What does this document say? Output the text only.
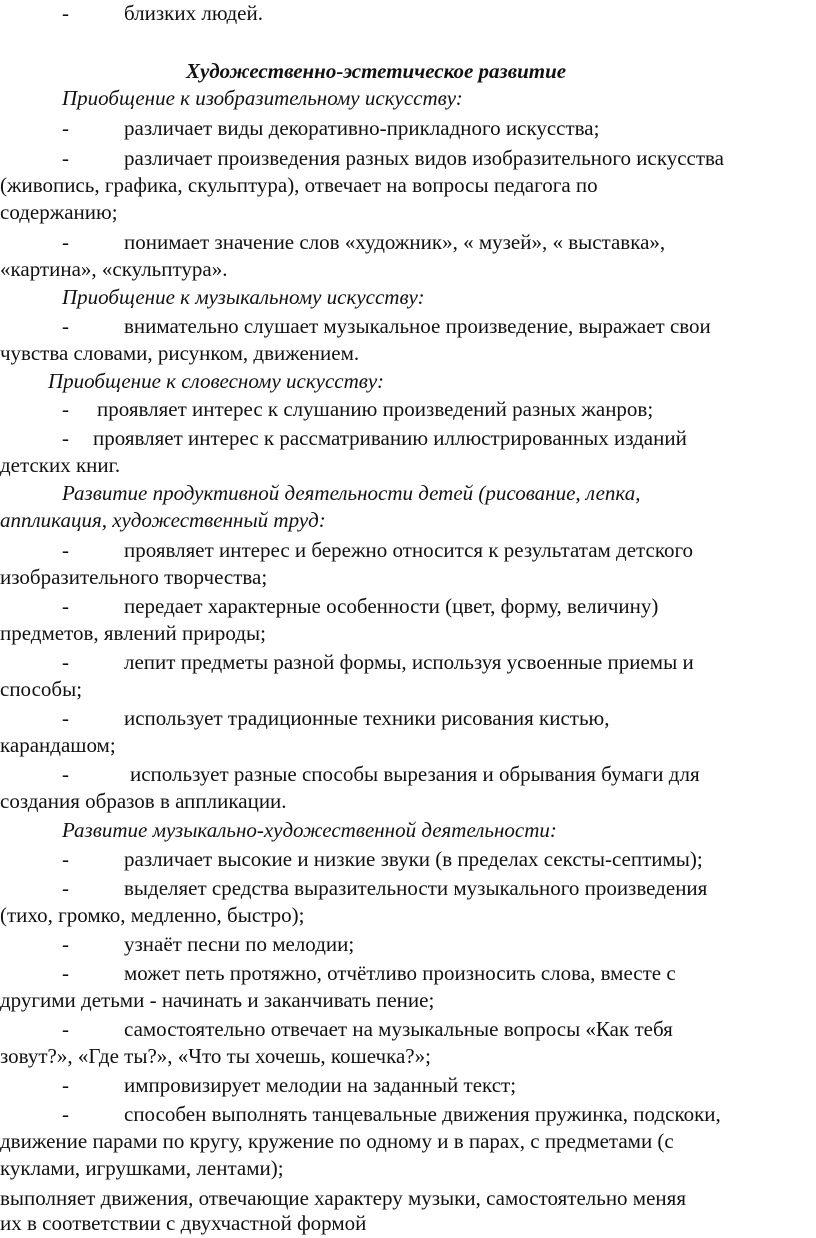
-	близких людей.
Художественно-эстетическое развитие
Приобщение к изобразительному искусству:
-	различает виды декоративно-прикладного искусства;
-	различает произведения разных видов изобразительного искусства
(живопись, графика, скульптура), отвечает на вопросы педагога по
содержанию;
-	понимает значение слов «художник», « музей», « выставка»,
«картина», «скульптура».
Приобщение к музыкальному искусству:
-	внимательно слушает музыкальное произведение, выражает свои
чувства словами, рисунком, движением.
Приобщение к словесному искусству:
- проявляет интерес к слушанию произведений разных жанров;
- проявляет интерес к рассматриванию иллюстрированных изданий
детских книг.
Развитие продуктивной деятельности детей (рисование, лепка,
аппликация, художественный труд:
-	проявляет интерес и бережно относится к результатам детского
изобразительного творчества;
-	передает характерные особенности (цвет, форму, величину)
предметов, явлений природы;
-	лепит предметы разной формы, используя усвоенные приемы и
способы;
-	использует традиционные техники рисования кистью,
карандашом;
-	использует разные способы вырезания и обрывания бумаги для
создания образов в аппликации.
Развитие музыкально-художественной деятельности:
-	различает высокие и низкие звуки (в пределах сексты-септимы);
-	выделяет средства выразительности музыкального произведения
(тихо, громко, медленно, быстро);
-	узнаёт песни по мелодии;
-	может петь протяжно, отчётливо произносить слова, вместе с
другими детьми - начинать и заканчивать пение;
-	самостоятельно отвечает на музыкальные вопросы «Как тебя
зовут?», «Где ты?», «Что ты хочешь, кошечка?»;
-	импровизирует мелодии на заданный текст;
-	способен выполнять танцевальные движения пружинка, подскоки,
движение парами по кругу, кружение по одному и в парах, с предметами (с
куклами, игрушками, лентами);
выполняет движения, отвечающие характеру музыки, самостоятельно меняя
их в соответствии с двухчастной формой
